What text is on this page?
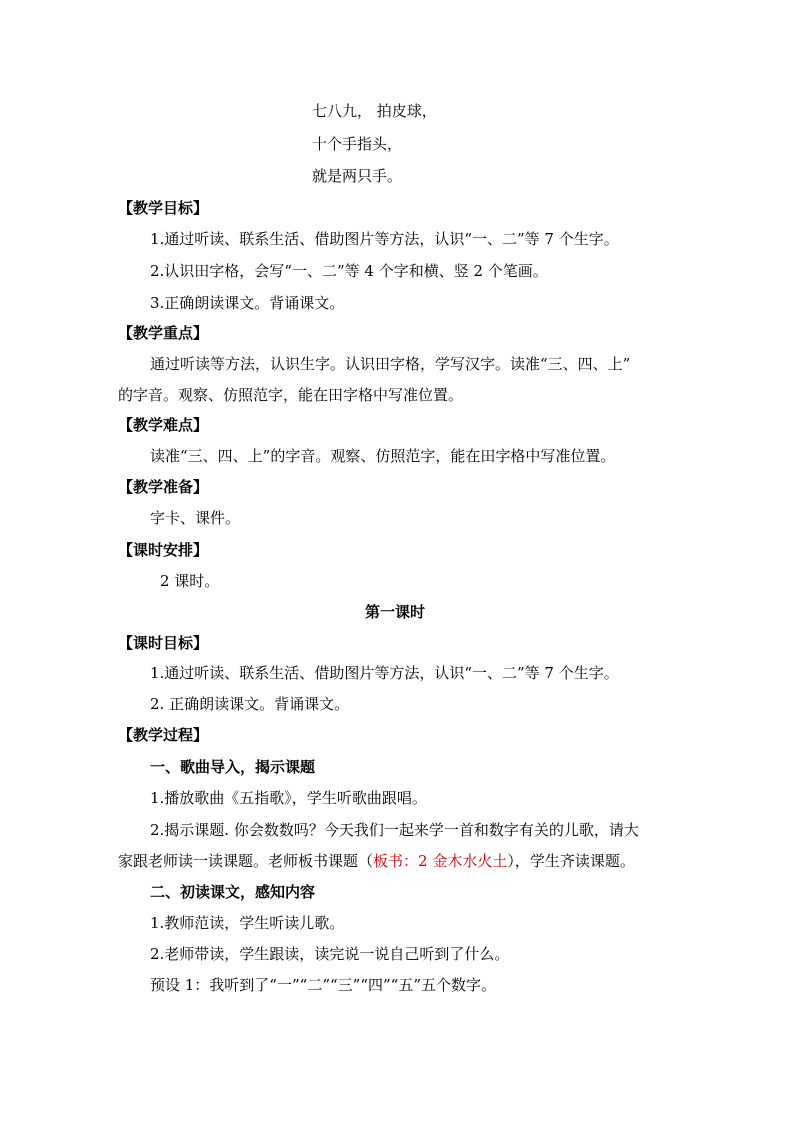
七八九， 拍皮球，
十个手指头，
就是两只手。
【教学目标】
1.通过听读、联系生活、借助图片等方法，认识“一、二”等 7 个生字。
2.认识田字格，会写“一、二”等 4 个字和横、竖 2 个笔画。
3.正确朗读课文。背诵课文。
【教学重点】
通过听读等方法，认识生字。认识田字格，学写汉字。读准“三、四、上”
的字音。观察、仿照范字，能在田字格中写准位置。
【教学难点】
读准“三、四、上”的字音。观察、仿照范字，能在田字格中写准位置。
【教学准备】
字卡、课件。
【课时安排】
2 课时。
第一课时
【课时目标】
1.通过听读、联系生活、借助图片等方法，认识“一、二”等 7 个生字。
2. 正确朗读课文。背诵课文。
【教学过程】
一、歌曲导入，揭示课题
1.播放歌曲《五指歌》，学生听歌曲跟唱。
2.揭示课题. 你会数数吗？今天我们一起来学一首和数字有关的儿歌，请大
家跟老师读一读课题。老师板书课题（板书：2 金木水火土），学生齐读课题。
二、初读课文，感知内容
1.教师范读，学生听读儿歌。
2.老师带读，学生跟读，读完说一说自己听到了什么。
预设 1：我听到了“一”“二”“三”“四”“五”五个数字。
